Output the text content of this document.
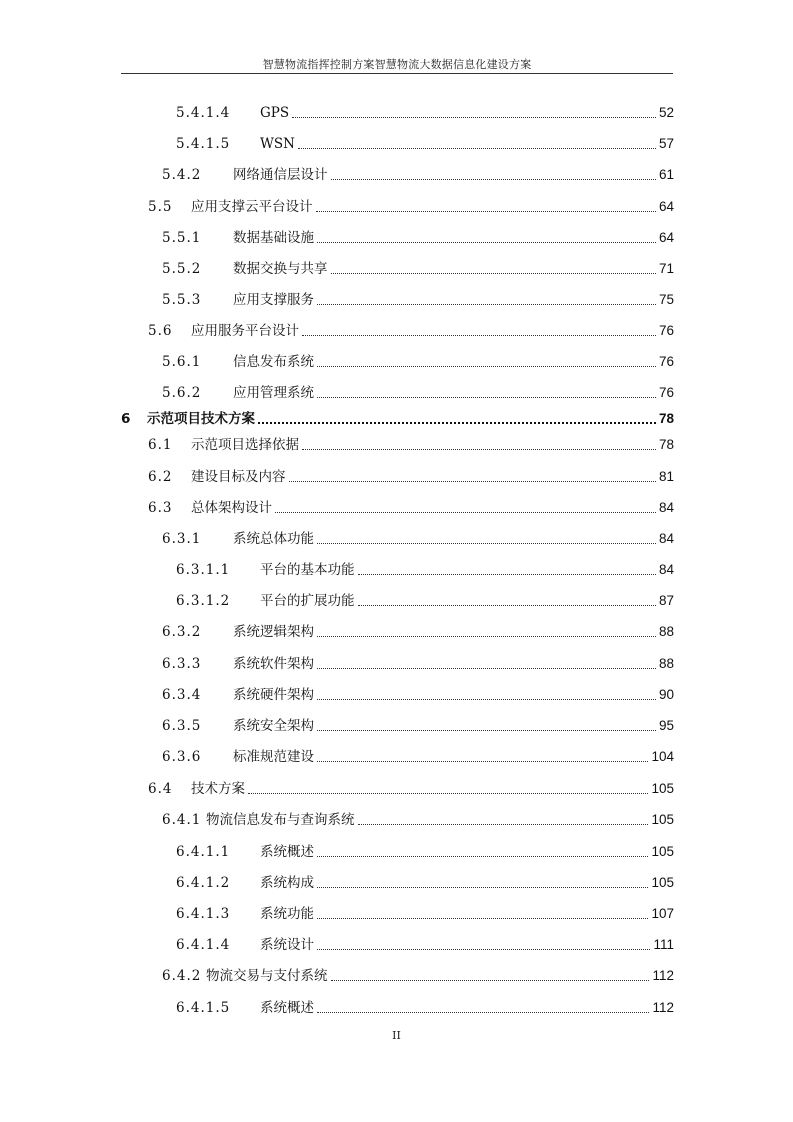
智慧物流指挥控制方案智慧物流大数据信息化建设方案
5.4.1.4	GPS	52
5.4.1.5	WSN	57
5.4.2	网络通信层设计	61
5.5	应用支撑云平台设计	64
5.5.1	数据基础设施	64
5.5.2	数据交换与共享	71
5.5.3	应用支撑服务	75
5.6	应用服务平台设计	76
5.6.1	信息发布系统	76
5.6.2	应用管理系统	76
6	示范项目技术方案	78
6.1	示范项目选择依据	78
6.2	建设目标及内容	81
6.3	总体架构设计	84
6.3.1	系统总体功能	84
6.3.1.1	平台的基本功能	84
6.3.1.2	平台的扩展功能	87
6.3.2	系统逻辑架构	88
6.3.3	系统软件架构	88
6.3.4	系统硬件架构	90
6.3.5	系统安全架构	95
6.3.6	标准规范建设	104
6.4	技术方案	105
6.4.1 物流信息发布与查询系统	105
6.4.1.1	系统概述	105
6.4.1.2	系统构成	105
6.4.1.3	系统功能	107
6.4.1.4	系统设计	111
6.4.2 物流交易与支付系统	112
6.4.1.5	系统概述	112
II
